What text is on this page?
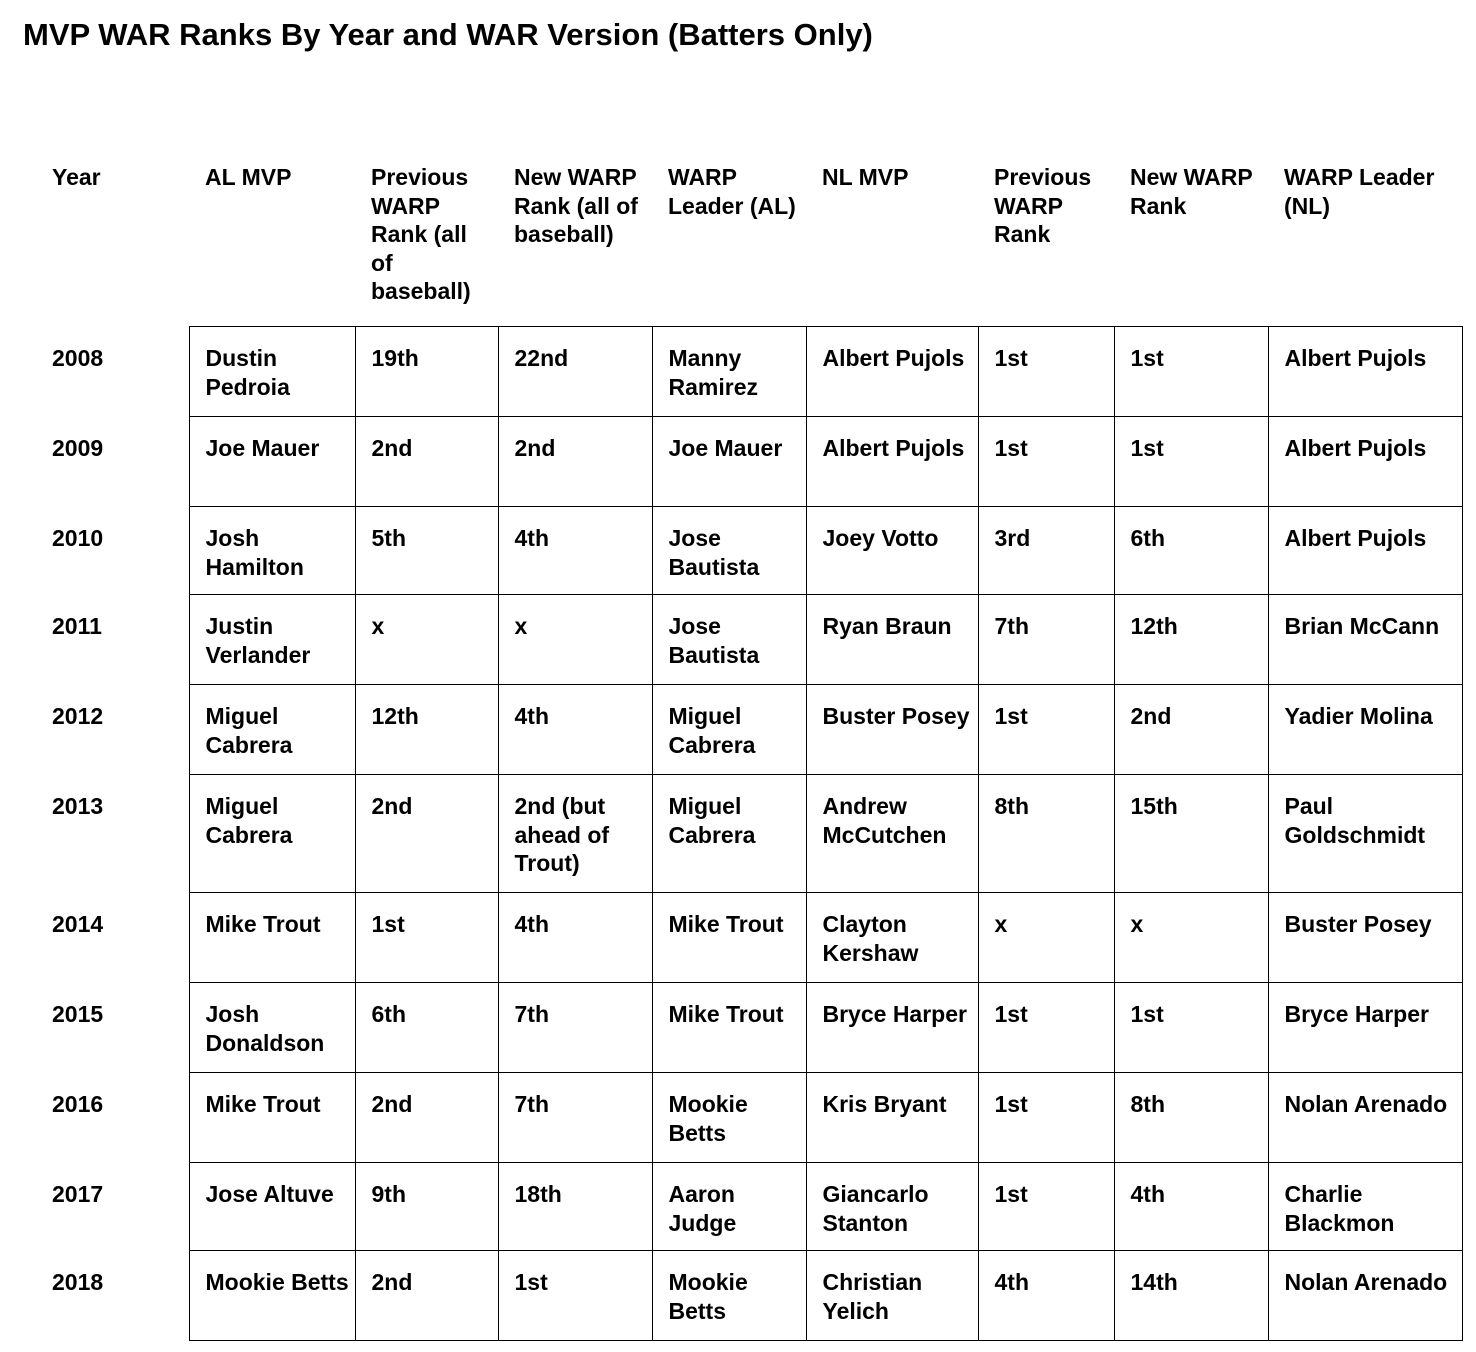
MVP WAR Ranks By Year and WAR Version (Batters Only)
Year	AL MVP	Previous WARP Rank (all of baseball)	New WARP Rank (all of baseball)	WARP Leader (AL)	NL MVP	Previous WARP Rank	New WARP Rank	WARP Leader (NL)
2008	Dustin Pedroia	19th	22nd	Manny Ramirez	Albert Pujols	1st	1st	Albert Pujols
2009	Joe Mauer	2nd	2nd	Joe Mauer	Albert Pujols	1st	1st	Albert Pujols
2010	Josh Hamilton	5th	4th	Jose Bautista	Joey Votto	3rd	6th	Albert Pujols
2011	Justin Verlander	x	x	Jose Bautista	Ryan Braun	7th	12th	Brian McCann
2012	Miguel Cabrera	12th	4th	Miguel Cabrera	Buster Posey	1st	2nd	Yadier Molina
2013	Miguel Cabrera	2nd	2nd (but ahead of Trout)	Miguel Cabrera	Andrew McCutchen	8th	15th	Paul Goldschmidt
2014	Mike Trout	1st	4th	Mike Trout	Clayton Kershaw	x	x	Buster Posey
2015	Josh Donaldson	6th	7th	Mike Trout	Bryce Harper	1st	1st	Bryce Harper
2016	Mike Trout	2nd	7th	Mookie Betts	Kris Bryant	1st	8th	Nolan Arenado
2017	Jose Altuve	9th	18th	Aaron Judge	Giancarlo Stanton	1st	4th	Charlie Blackmon
2018	Mookie Betts	2nd	1st	Mookie Betts	Christian Yelich	4th	14th	Nolan Arenado
